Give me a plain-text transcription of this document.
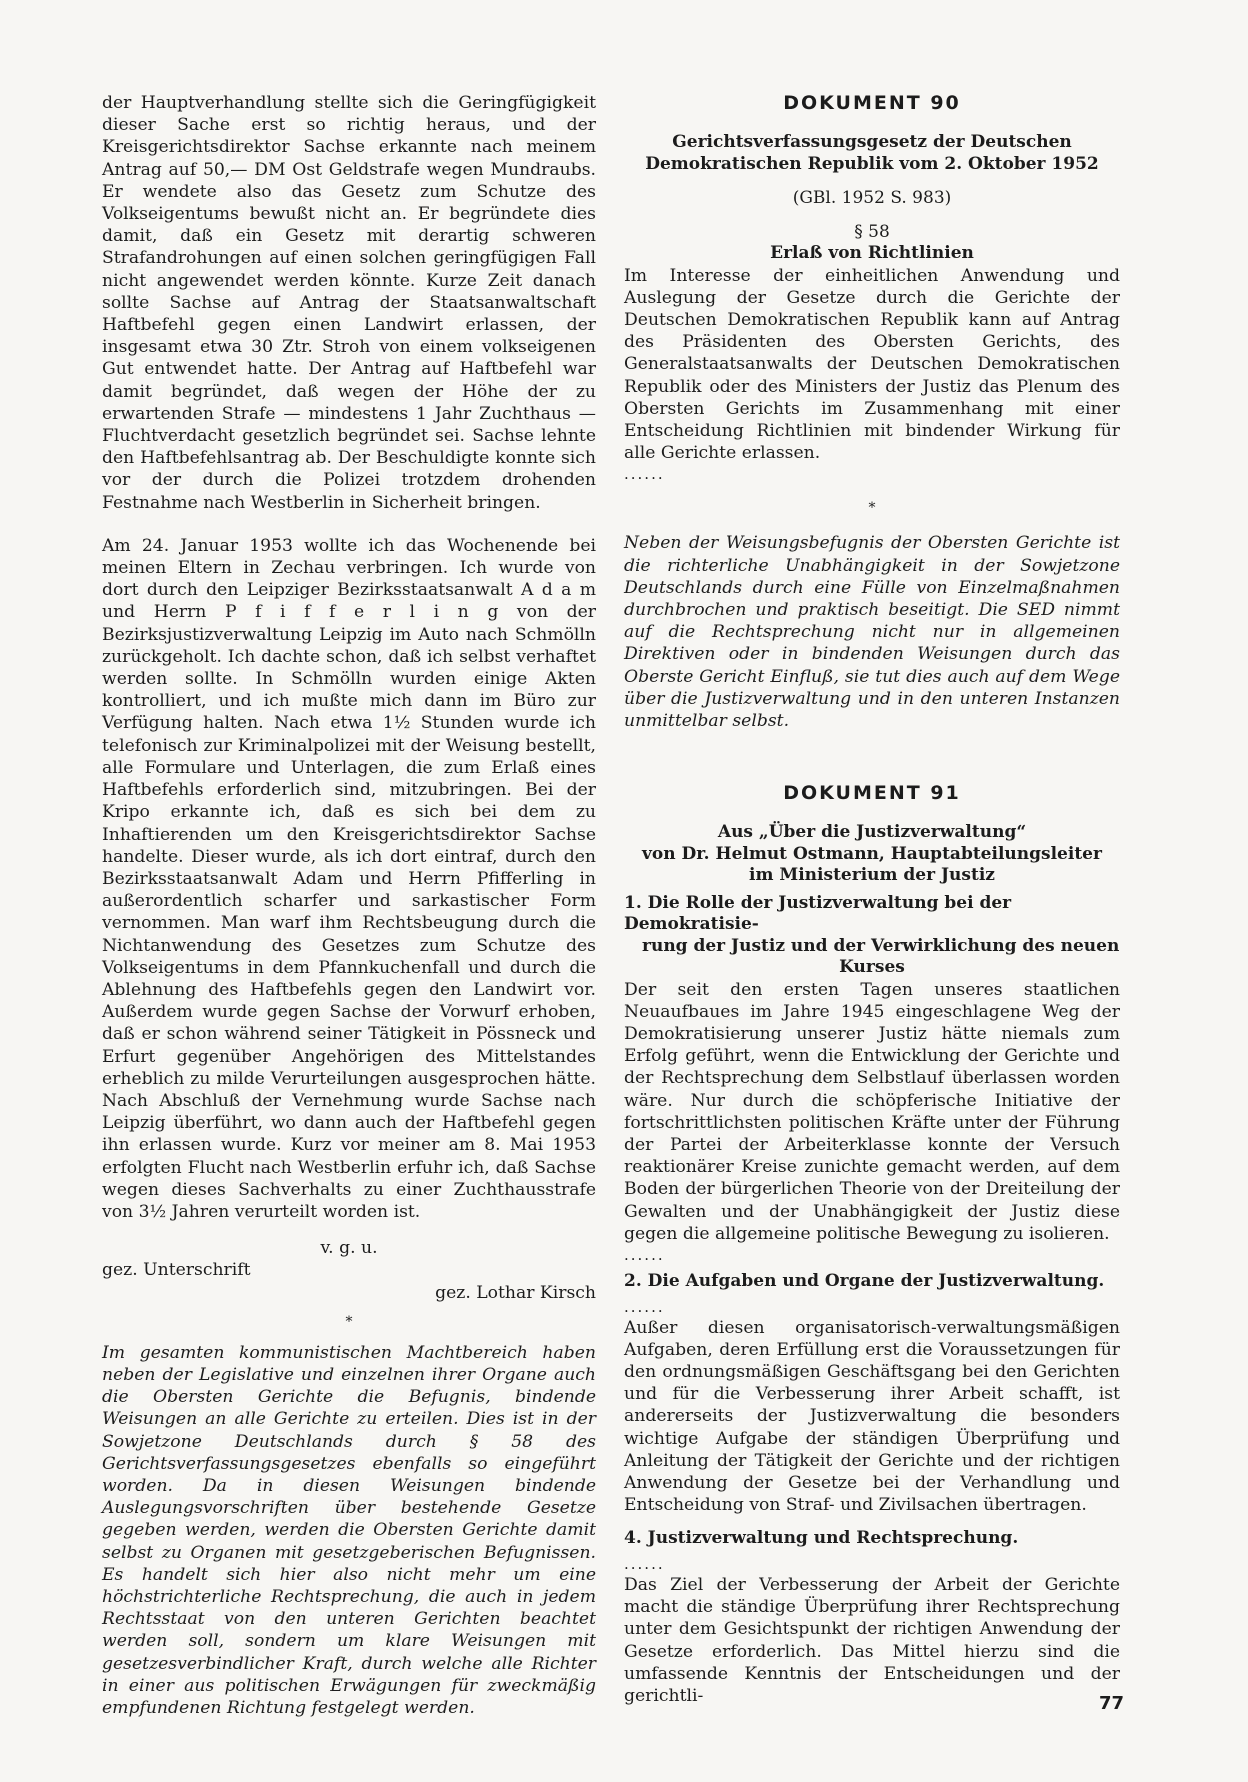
der Hauptverhandlung stellte sich die Geringfügigkeit dieser Sache erst so richtig heraus, und der Kreisgerichtsdirektor Sachse erkannte nach meinem Antrag auf 50,— DM Ost Geldstrafe wegen Mundraubs. Er wendete also das Gesetz zum Schutze des Volkseigentums bewußt nicht an. Er begründete dies damit, daß ein Gesetz mit derartig schweren Strafandrohungen auf einen solchen geringfügigen Fall nicht angewendet werden könnte. Kurze Zeit danach sollte Sachse auf Antrag der Staatsanwaltschaft Haftbefehl gegen einen Landwirt erlassen, der insgesamt etwa 30 Ztr. Stroh von einem volkseigenen Gut entwendet hatte. Der Antrag auf Haftbefehl war damit begründet, daß wegen der Höhe der zu erwartenden Strafe — mindestens 1 Jahr Zuchthaus — Fluchtverdacht gesetzlich begründet sei. Sachse lehnte den Haftbefehlsantrag ab. Der Beschuldigte konnte sich vor der durch die Polizei trotzdem drohenden Festnahme nach Westberlin in Sicherheit bringen.

Am 24. Januar 1953 wollte ich das Wochenende bei meinen Eltern in Zechau verbringen. Ich wurde von dort durch den Leipziger Bezirksstaatsanwalt A d a m und Herrn P f i f f e r l i n g von der Bezirksjustizverwaltung Leipzig im Auto nach Schmölln zurückgeholt. Ich dachte schon, daß ich selbst verhaftet werden sollte. In Schmölln wurden einige Akten kontrolliert, und ich mußte mich dann im Büro zur Verfügung halten. Nach etwa 1½ Stunden wurde ich telefonisch zur Kriminalpolizei mit der Weisung bestellt, alle Formulare und Unterlagen, die zum Erlaß eines Haftbefehls erforderlich sind, mitzubringen. Bei der Kripo erkannte ich, daß es sich bei dem zu Inhaftierenden um den Kreisgerichtsdirektor Sachse handelte. Dieser wurde, als ich dort eintraf, durch den Bezirksstaatsanwalt Adam und Herrn Pfifferling in außerordentlich scharfer und sarkastischer Form vernommen. Man warf ihm Rechtsbeugung durch die Nichtanwendung des Gesetzes zum Schutze des Volkseigentums in dem Pfannkuchenfall und durch die Ablehnung des Haftbefehls gegen den Landwirt vor. Außerdem wurde gegen Sachse der Vorwurf erhoben, daß er schon während seiner Tätigkeit in Pössneck und Erfurt gegenüber Angehörigen des Mittelstandes erheblich zu milde Verurteilungen ausgesprochen hätte. Nach Abschluß der Vernehmung wurde Sachse nach Leipzig überführt, wo dann auch der Haftbefehl gegen ihn erlassen wurde. Kurz vor meiner am 8. Mai 1953 erfolgten Flucht nach Westberlin erfuhr ich, daß Sachse wegen dieses Sachverhalts zu einer Zuchthausstrafe von 3½ Jahren verurteilt worden ist.

v. g. u.
gez. Unterschrift
gez. Lothar Kirsch
*

Im gesamten kommunistischen Machtbereich haben neben der Legislative und einzelnen ihrer Organe auch die Obersten Gerichte die Befugnis, bindende Weisungen an alle Gerichte zu erteilen. Dies ist in der Sowjetzone Deutschlands durch § 58 des Gerichtsverfassungsgesetzes ebenfalls so eingeführt worden. Da in diesen Weisungen bindende Auslegungsvorschriften über bestehende Gesetze gegeben werden, werden die Obersten Gerichte damit selbst zu Organen mit gesetzgeberischen Befugnissen. Es handelt sich hier also nicht mehr um eine höchstrichterliche Rechtsprechung, die auch in jedem Rechtsstaat von den unteren Gerichten beachtet werden soll, sondern um klare Weisungen mit gesetzesverbindlicher Kraft, durch welche alle Richter in einer aus politischen Erwägungen für zweckmäßig empfundenen Richtung festgelegt werden.

DOKUMENT 90
Gerichtsverfassungsgesetz der Deutschen
Demokratischen Republik vom 2. Oktober 1952
(GBl. 1952 S. 983)
§ 58
Erlaß von Richtlinien

Im Interesse der einheitlichen Anwendung und Auslegung der Gesetze durch die Gerichte der Deutschen Demokratischen Republik kann auf Antrag des Präsidenten des Obersten Gerichts, des Generalstaatsanwalts der Deutschen Demokratischen Republik oder des Ministers der Justiz das Plenum des Obersten Gerichts im Zusammenhang mit einer Entscheidung Richtlinien mit bindender Wirkung für alle Gerichte erlassen.

......
*

Neben der Weisungsbefugnis der Obersten Gerichte ist die richterliche Unabhängigkeit in der Sowjetzone Deutschlands durch eine Fülle von Einzelmaßnahmen durchbrochen und praktisch beseitigt. Die SED nimmt auf die Rechtsprechung nicht nur in allgemeinen Direktiven oder in bindenden Weisungen durch das Oberste Gericht Einfluß, sie tut dies auch auf dem Wege über die Justizverwaltung und in den unteren Instanzen unmittelbar selbst.

DOKUMENT 91
Aus „Über die Justizverwaltung“
von Dr. Helmut Ostmann, Hauptabteilungsleiter
im Ministerium der Justiz
1. Die Rolle der Justizverwaltung bei der Demokratisie-
rung der Justiz und der Verwirklichung des neuen
Kurses

Der seit den ersten Tagen unseres staatlichen Neuaufbaues im Jahre 1945 eingeschlagene Weg der Demokratisierung unserer Justiz hätte niemals zum Erfolg geführt, wenn die Entwicklung der Gerichte und der Rechtsprechung dem Selbstlauf überlassen worden wäre. Nur durch die schöpferische Initiative der fortschrittlichsten politischen Kräfte unter der Führung der Partei der Arbeiterklasse konnte der Versuch reaktionärer Kreise zunichte gemacht werden, auf dem Boden der bürgerlichen Theorie von der Dreiteilung der Gewalten und der Unabhängigkeit der Justiz diese gegen die allgemeine politische Bewegung zu isolieren.

......
2. Die Aufgaben und Organe der Justizverwaltung.
......

Außer diesen organisatorisch-verwaltungsmäßigen Aufgaben, deren Erfüllung erst die Voraussetzungen für den ordnungsmäßigen Geschäftsgang bei den Gerichten und für die Verbesserung ihrer Arbeit schafft, ist andererseits der Justizverwaltung die besonders wichtige Aufgabe der ständigen Überprüfung und Anleitung der Tätigkeit der Gerichte und der richtigen Anwendung der Gesetze bei der Verhandlung und Entscheidung von Straf- und Zivilsachen übertragen.

4. Justizverwaltung und Rechtsprechung.
......

Das Ziel der Verbesserung der Arbeit der Gerichte macht die ständige Überprüfung ihrer Rechtsprechung unter dem Gesichtspunkt der richtigen Anwendung der Gesetze erforderlich. Das Mittel hierzu sind die umfassende Kenntnis der Entscheidungen und der gerichtli-	77
